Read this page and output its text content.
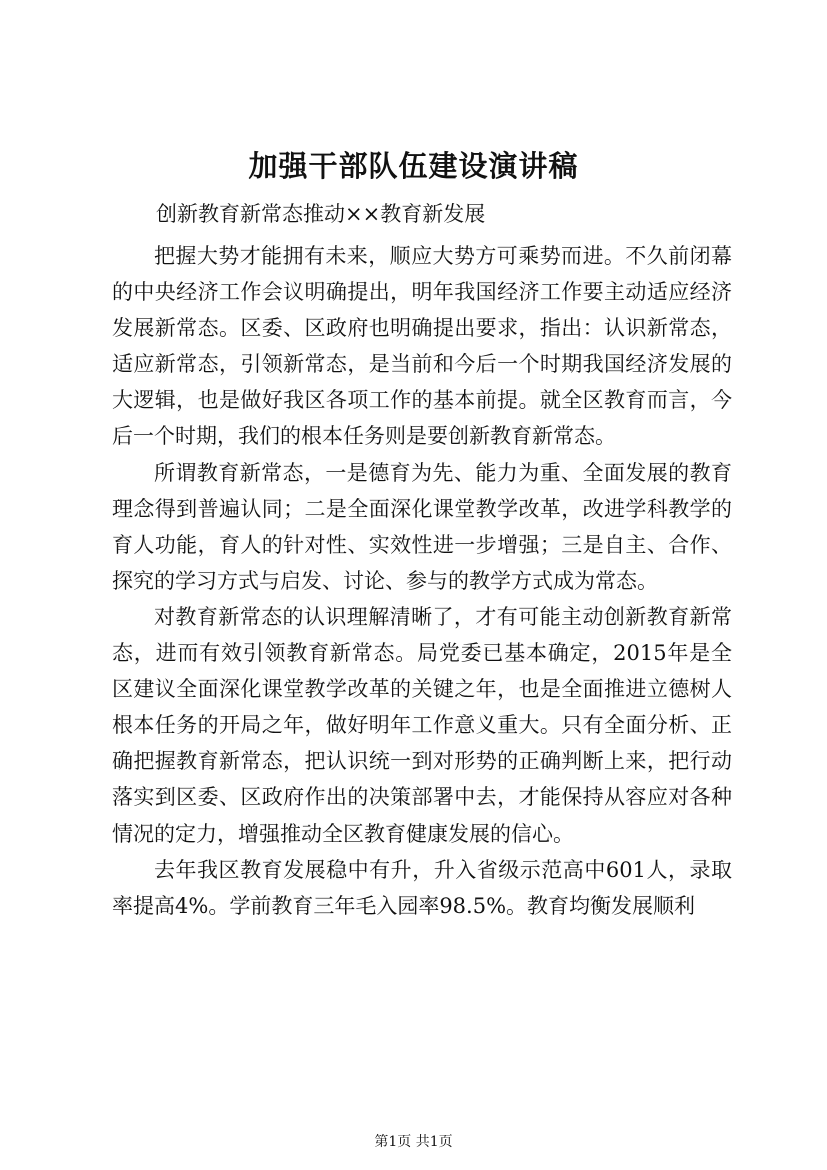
加强干部队伍建设演讲稿
创新教育新常态推动××教育新发展

把握大势才能拥有未来，顺应大势方可乘势而进。不久前闭幕的中央经济工作会议明确提出，明年我国经济工作要主动适应经济发展新常态。区委、区政府也明确提出要求，指出：认识新常态，适应新常态，引领新常态，是当前和今后一个时期我国经济发展的大逻辑，也是做好我区各项工作的基本前提。就全区教育而言，今后一个时期，我们的根本任务则是要创新教育新常态。

所谓教育新常态，一是德育为先、能力为重、全面发展的教育理念得到普遍认同；二是全面深化课堂教学改革，改进学科教学的育人功能，育人的针对性、实效性进一步增强；三是自主、合作、探究的学习方式与启发、讨论、参与的教学方式成为常态。

对教育新常态的认识理解清晰了，才有可能主动创新教育新常态，进而有效引领教育新常态。局党委已基本确定，2015年是全区建议全面深化课堂教学改革的关键之年，也是全面推进立德树人根本任务的开局之年，做好明年工作意义重大。只有全面分析、正确把握教育新常态，把认识统一到对形势的正确判断上来，把行动落实到区委、区政府作出的决策部署中去，才能保持从容应对各种情况的定力，增强推动全区教育健康发展的信心。

去年我区教育发展稳中有升，升入省级示范高中601人，录取率提高4%。学前教育三年毛入园率98.5%。教育均衡发展顺利

第1页 共1页
